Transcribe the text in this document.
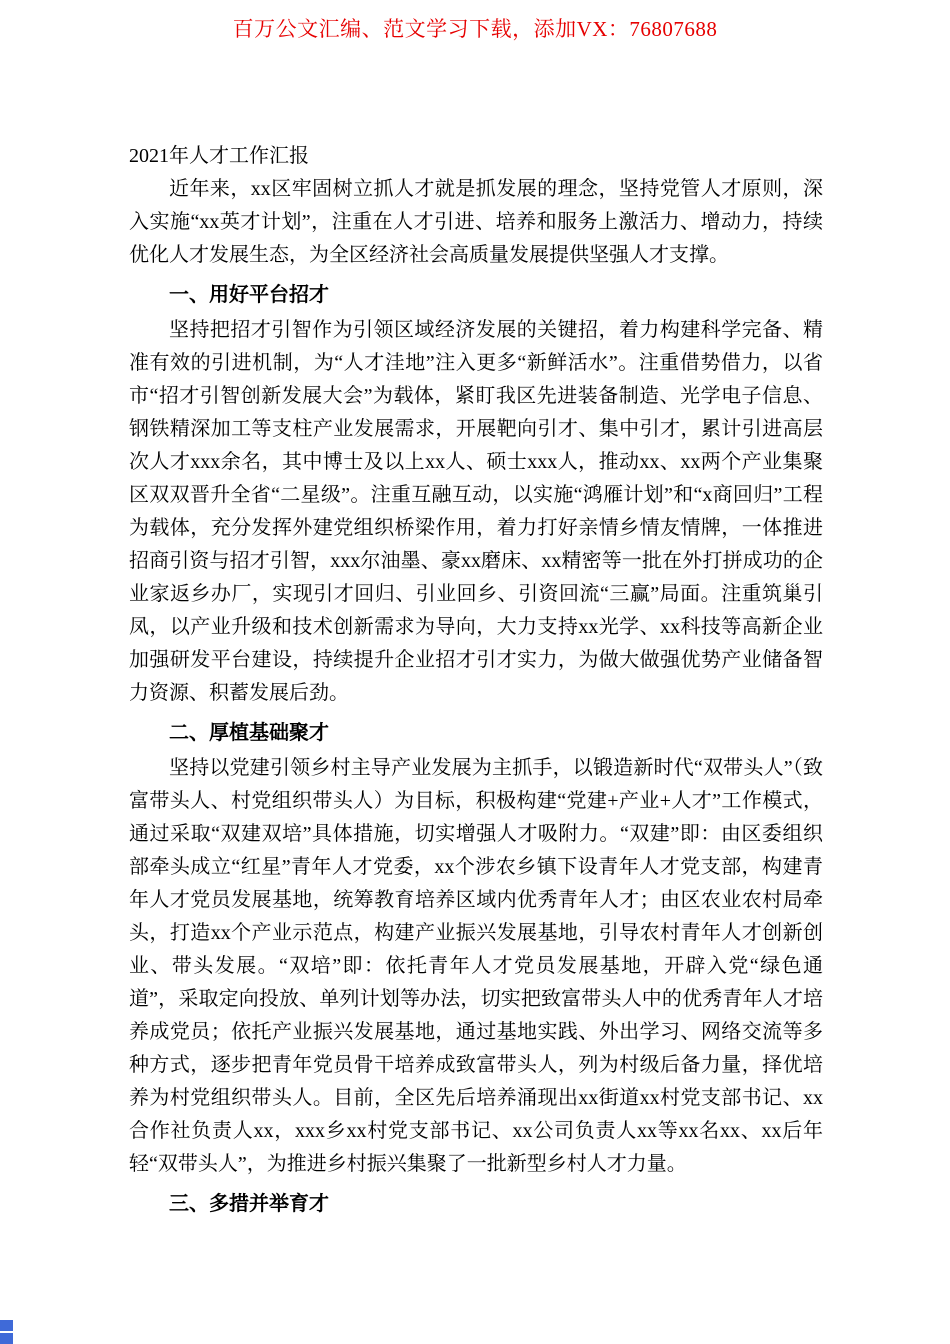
百万公文汇编、范文学习下载，添加VX：76807688

2021年人才工作汇报

近年来，xx区牢固树立抓人才就是抓发展的理念，坚持党管人才原则，深入实施“xx英才计划”，注重在人才引进、培养和服务上激活力、增动力，持续优化人才发展生态，为全区经济社会高质量发展提供坚强人才支撑。

一、用好平台招才

坚持把招才引智作为引领区域经济发展的关键招，着力构建科学完备、精准有效的引进机制，为“人才洼地”注入更多“新鲜活水”。注重借势借力，以省市“招才引智创新发展大会”为载体，紧盯我区先进装备制造、光学电子信息、钢铁精深加工等支柱产业发展需求，开展靶向引才、集中引才，累计引进高层次人才xxx余名，其中博士及以上xx人、硕士xxx人，推动xx、xx两个产业集聚区双双晋升全省“二星级”。注重互融互动，以实施“鸿雁计划”和“x商回归”工程为载体，充分发挥外建党组织桥梁作用，着力打好亲情乡情友情牌，一体推进招商引资与招才引智，xxx尔油墨、豪xx磨床、xx精密等一批在外打拼成功的企业家返乡办厂，实现引才回归、引业回乡、引资回流“三赢”局面。注重筑巢引凤，以产业升级和技术创新需求为导向，大力支持xx光学、xx科技等高新企业加强研发平台建设，持续提升企业招才引才实力，为做大做强优势产业储备智力资源、积蓄发展后劲。

二、厚植基础聚才

坚持以党建引领乡村主导产业发展为主抓手，以锻造新时代“双带头人”（致富带头人、村党组织带头人）为目标，积极构建“党建+产业+人才”工作模式，通过采取“双建双培”具体措施，切实增强人才吸附力。“双建”即：由区委组织部牵头成立“红星”青年人才党委，xx个涉农乡镇下设青年人才党支部，构建青年人才党员发展基地，统筹教育培养区域内优秀青年人才；由区农业农村局牵头，打造xx个产业示范点，构建产业振兴发展基地，引导农村青年人才创新创业、带头发展。“双培”即：依托青年人才党员发展基地，开辟入党“绿色通道”，采取定向投放、单列计划等办法，切实把致富带头人中的优秀青年人才培养成党员；依托产业振兴发展基地，通过基地实践、外出学习、网络交流等多种方式，逐步把青年党员骨干培养成致富带头人，列为村级后备力量，择优培养为村党组织带头人。目前，全区先后培养涌现出xx街道xx村党支部书记、xx合作社负责人xx，xxx乡xx村党支部书记、xx公司负责人xx等xx名xx、xx后年轻“双带头人”，为推进乡村振兴集聚了一批新型乡村人才力量。

三、多措并举育才
